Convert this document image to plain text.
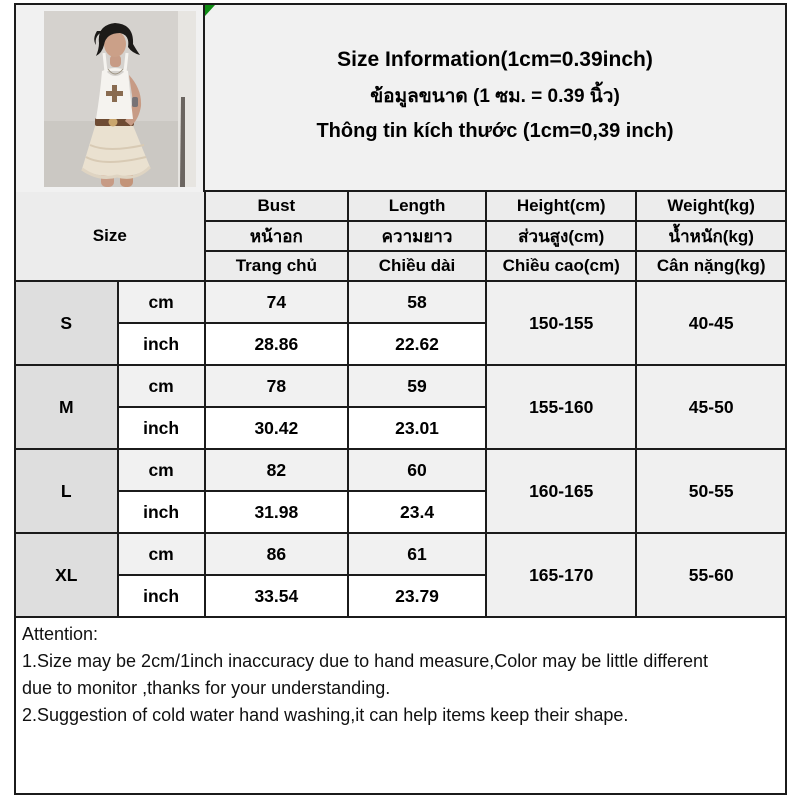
Size Information(1cm=0.39inch)
ข้อมูลขนาด (1 ซม. = 0.39 นิ้ว)
Thông tin kích thước (1cm=0,39 inch)
Size		Bust	Length	Height(cm)	Weight(kg)
		หน้าอก	ความยาว	ส่วนสูง(cm)	น้ำหนัก(kg)
		Trang chủ	Chiều dài	Chiều cao(cm)	Cân nặng(kg)
S	cm	74	58	150-155	40-45
	inch	28.86	22.62		
M	cm	78	59	155-160	45-50
	inch	30.42	23.01		
L	cm	82	60	160-165	50-55
	inch	31.98	23.4		
XL	cm	86	61	165-170	55-60
	inch	33.54	23.79		
Attention:
1.Size may be 2cm/1inch inaccuracy due to hand measure,Color may be little different
due to monitor ,thanks for your understanding.
2.Suggestion of cold water hand washing,it can help items keep their shape.
